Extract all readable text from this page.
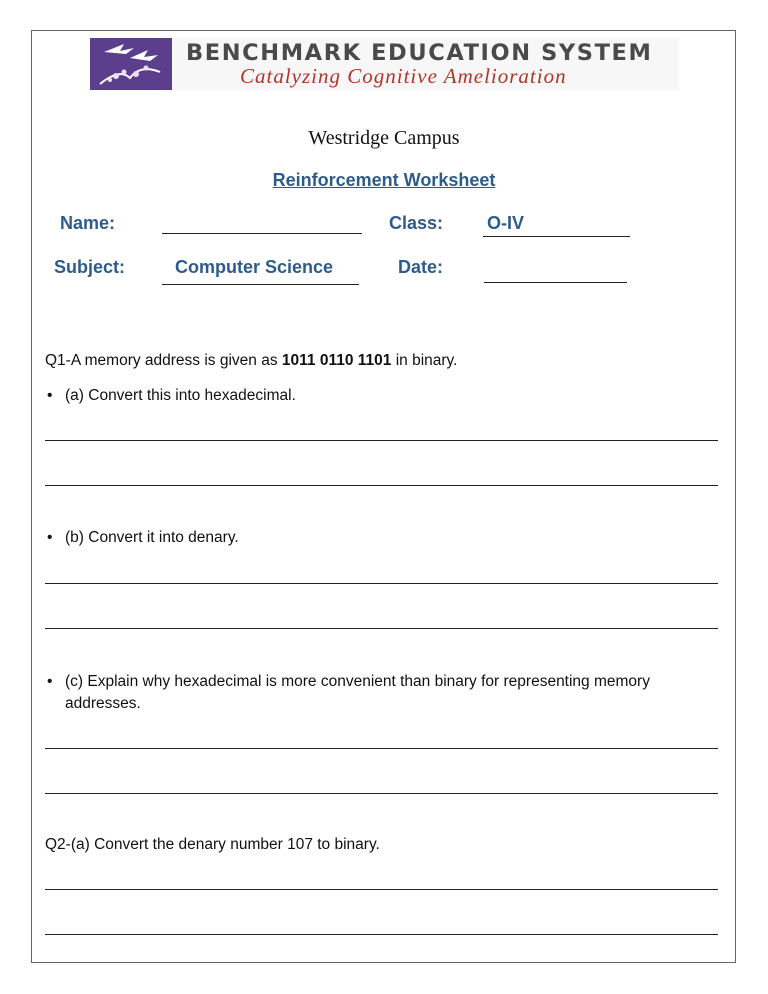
BENCHMARK EDUCATION SYSTEM
Catalyzing Cognitive Amelioration
Westridge Campus
Reinforcement Worksheet
Name:	Class: O-IV
Subject:	Computer Science	Date:
Q1-A memory address is given as 1011 0110 1101 in binary.
• (a) Convert this into hexadecimal.
• (b) Convert it into denary.
• (c) Explain why hexadecimal is more convenient than binary for representing memory addresses.
Q2-(a) Convert the denary number 107 to binary.
